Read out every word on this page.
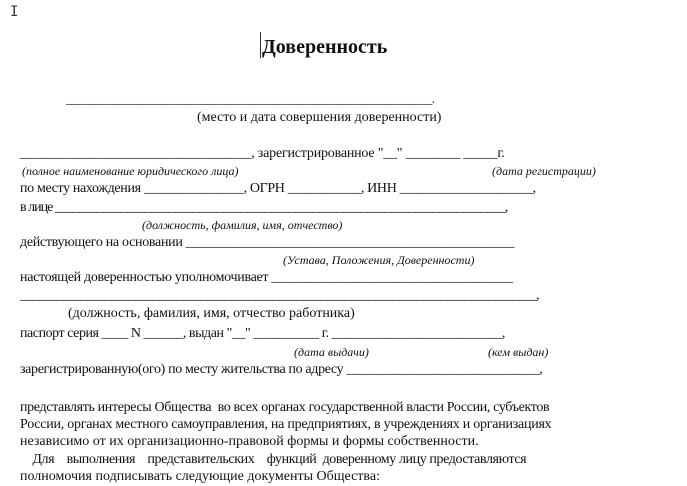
I
Доверенность
______________________________________________________________.
(место и дата совершения доверенности)
__________________________________, зарегистрированное "__" ________ _____г.
(полное наименование юридического лица)	(дата регистрации)
по месту нахождения _______________, ОГРН ___________, ИНН ____________________,
в лице ___________________________________________________________________________,
(должность, фамилия, имя, отчество)
действующего на основании _________________________________________________
(Устава, Положения, Доверенности)
настоящей доверенностью уполномочивает ____________________________________
______________________________________________________________________________________,
(должность, фамилия, имя, отчество работника)
паспорт серия ____ N ______, выдан "__" __________ г. __________________________,
(дата выдачи)	(кем выдан)
зарегистрированную(ого) по месту жительства по адресу _____________________________,
представлять интересы Общества  во всех органах государственной власти России, субъектов
России, органах местного самоуправления, на предприятиях, в учреждениях и организациях
независимо от их организационно-правовой формы и формы собственности.
Для    выполнения    представительских    функций  доверенному лицу предоставляются
полномочия подписывать следующие документы Общества:
